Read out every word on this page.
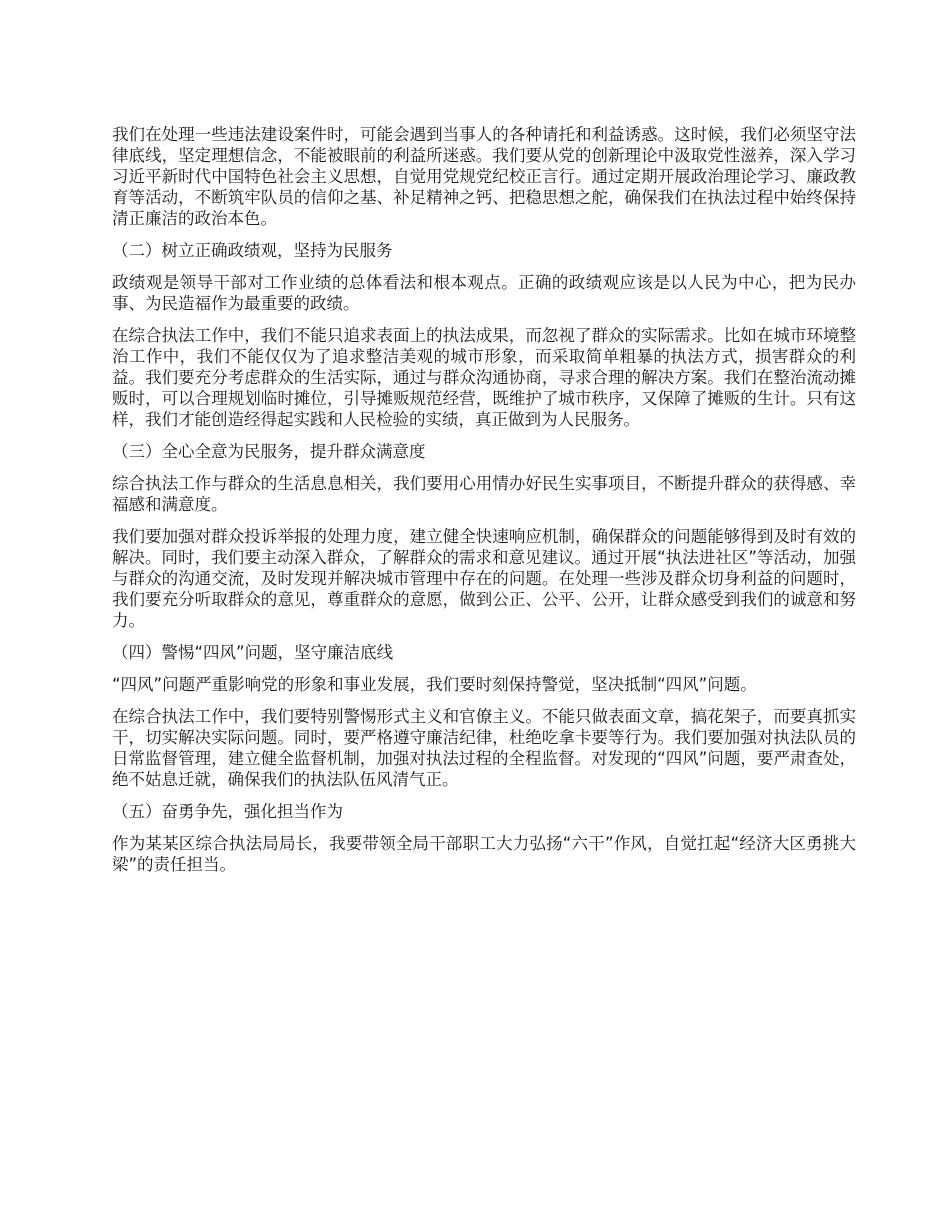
我们在处理一些违法建设案件时，可能会遇到当事人的各种请托和利益诱惑。这时候，我们必须坚守法律底线，坚定理想信念，不能被眼前的利益所迷惑。我们要从党的创新理论中汲取党性滋养，深入学习习近平新时代中国特色社会主义思想，自觉用党规党纪校正言行。通过定期开展政治理论学习、廉政教育等活动，不断筑牢队员的信仰之基、补足精神之钙、把稳思想之舵，确保我们在执法过程中始终保持清正廉洁的政治本色。

（二）树立正确政绩观，坚持为民服务

政绩观是领导干部对工作业绩的总体看法和根本观点。正确的政绩观应该是以人民为中心，把为民办事、为民造福作为最重要的政绩。

在综合执法工作中，我们不能只追求表面上的执法成果，而忽视了群众的实际需求。比如在城市环境整治工作中，我们不能仅仅为了追求整洁美观的城市形象，而采取简单粗暴的执法方式，损害群众的利益。我们要充分考虑群众的生活实际，通过与群众沟通协商，寻求合理的解决方案。我们在整治流动摊贩时，可以合理规划临时摊位，引导摊贩规范经营，既维护了城市秩序，又保障了摊贩的生计。只有这样，我们才能创造经得起实践和人民检验的实绩，真正做到为人民服务。

（三）全心全意为民服务，提升群众满意度

综合执法工作与群众的生活息息相关，我们要用心用情办好民生实事项目，不断提升群众的获得感、幸福感和满意度。

我们要加强对群众投诉举报的处理力度，建立健全快速响应机制，确保群众的问题能够得到及时有效的解决。同时，我们要主动深入群众，了解群众的需求和意见建议。通过开展“执法进社区”等活动，加强与群众的沟通交流，及时发现并解决城市管理中存在的问题。在处理一些涉及群众切身利益的问题时，我们要充分听取群众的意见，尊重群众的意愿，做到公正、公平、公开，让群众感受到我们的诚意和努力。

（四）警惕“四风”问题，坚守廉洁底线

“四风”问题严重影响党的形象和事业发展，我们要时刻保持警觉，坚决抵制“四风”问题。

在综合执法工作中，我们要特别警惕形式主义和官僚主义。不能只做表面文章，搞花架子，而要真抓实干，切实解决实际问题。同时，要严格遵守廉洁纪律，杜绝吃拿卡要等行为。我们要加强对执法队员的日常监督管理，建立健全监督机制，加强对执法过程的全程监督。对发现的“四风”问题，要严肃查处，绝不姑息迁就，确保我们的执法队伍风清气正。

（五）奋勇争先，强化担当作为

作为某某区综合执法局局长，我要带领全局干部职工大力弘扬“六干”作风，自觉扛起“经济大区勇挑大梁”的责任担当。
